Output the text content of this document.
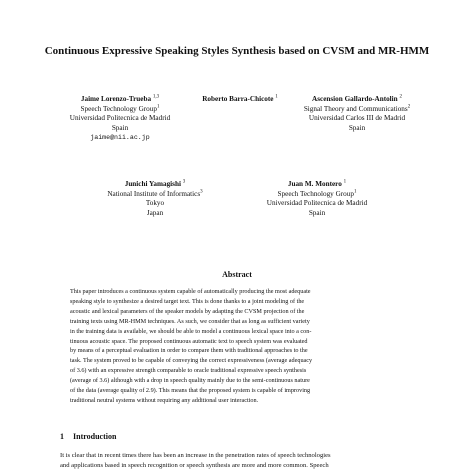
Continuous Expressive Speaking Styles Synthesis based on CVSM and MR-HMM
Jaime Lorenzo-Trueba $^{1,3}$
Speech Technology Group$^1$
Universidad Politecnica de Madrid
Spain
jaime@nii.ac.jp
Roberto Barra-Chicote $^1$	Ascension Gallardo-Antolin $^2$
Signal Theory and Communications$^2$
Universidad Carlos III de Madrid
Spain
Junichi Yamagishi $^3$
National Institute of Informatics$^3$
Tokyo
Japan
Juan M. Montero $^1$
Speech Technology Group$^1$
Universidad Politecnica de Madrid
Spain
Abstract
This paper introduces a continuous system capable of automatically producing the most adequate
speaking style to synthesize a desired target text. This is done thanks to a joint modeling of the
acoustic and lexical parameters of the speaker models by adapting the CVSM projection of the
training texts using MR-HMM techniques. As such, we consider that as long as sufficient variety
in the training data is available, we should be able to model a continuous lexical space into a con-
tinuous acoustic space. The proposed continuous automatic text to speech system was evaluated
by means of a perceptual evaluation in order to compare them with traditional approaches to the
task. The system proved to be capable of conveying the correct expressiveness (average adequacy
of 3.6) with an expressive strength comparable to oracle traditional expressive speech synthesis
(average of 3.6) although with a drop in speech quality mainly due to the semi-continuous nature
of the data (average quality of 2.9). This means that the proposed system is capable of improving
traditional neutral systems without requiring any additional user interaction.
1 Introduction
It is clear that in recent times there has been an increase in the penetration rates of speech technologies
and applications based in speech recognition or speech synthesis are more and more common. Speech
